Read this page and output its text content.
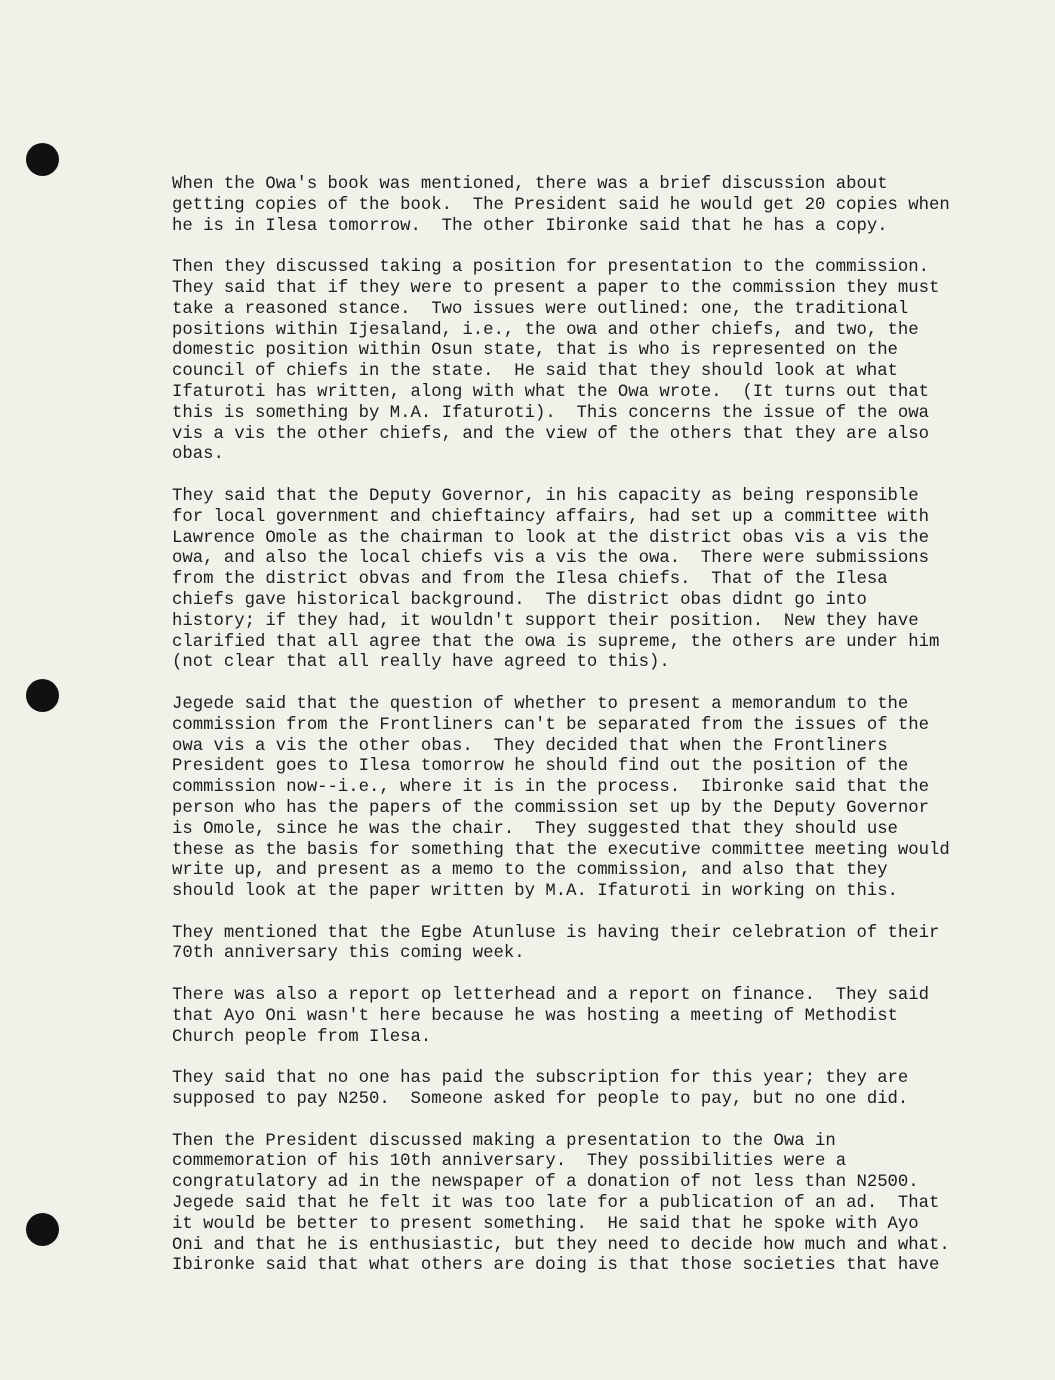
When the Owa's book was mentioned, there was a brief discussion about
getting copies of the book.  The President said he would get 20 copies when
he is in Ilesa tomorrow.  The other Ibironke said that he has a copy.
Then they discussed taking a position for presentation to the commission.
They said that if they were to present a paper to the commission they must
take a reasoned stance.  Two issues were outlined: one, the traditional
positions within Ijesaland, i.e., the owa and other chiefs, and two, the
domestic position within Osun state, that is who is represented on the
council of chiefs in the state.  He said that they should look at what
Ifaturoti has written, along with what the Owa wrote.  (It turns out that
this is something by M.A. Ifaturoti).  This concerns the issue of the owa
vis a vis the other chiefs, and the view of the others that they are also
obas.
They said that the Deputy Governor, in his capacity as being responsible
for local government and chieftaincy affairs, had set up a committee with
Lawrence Omole as the chairman to look at the district obas vis a vis the
owa, and also the local chiefs vis a vis the owa.  There were submissions
from the district obvas and from the Ilesa chiefs.  That of the Ilesa
chiefs gave historical background.  The district obas didnt go into
history; if they had, it wouldn't support their position.  New they have
clarified that all agree that the owa is supreme, the others are under him
(not clear that all really have agreed to this).
Jegede said that the question of whether to present a memorandum to the
commission from the Frontliners can't be separated from the issues of the
owa vis a vis the other obas.  They decided that when the Frontliners
President goes to Ilesa tomorrow he should find out the position of the
commission now--i.e., where it is in the process.  Ibironke said that the
person who has the papers of the commission set up by the Deputy Governor
is Omole, since he was the chair.  They suggested that they should use
these as the basis for something that the executive committee meeting would
write up, and present as a memo to the commission, and also that they
should look at the paper written by M.A. Ifaturoti in working on this.
They mentioned that the Egbe Atunluse is having their celebration of their
70th anniversary this coming week.
There was also a report op letterhead and a report on finance.  They said
that Ayo Oni wasn't here because he was hosting a meeting of Methodist
Church people from Ilesa.
They said that no one has paid the subscription for this year; they are
supposed to pay N250.  Someone asked for people to pay, but no one did.
Then the President discussed making a presentation to the Owa in
commemoration of his 10th anniversary.  They possibilities were a
congratulatory ad in the newspaper of a donation of not less than N2500.
Jegede said that he felt it was too late for a publication of an ad.  That
it would be better to present something.  He said that he spoke with Ayo
Oni and that he is enthusiastic, but they need to decide how much and what.
Ibironke said that what others are doing is that those societies that have
